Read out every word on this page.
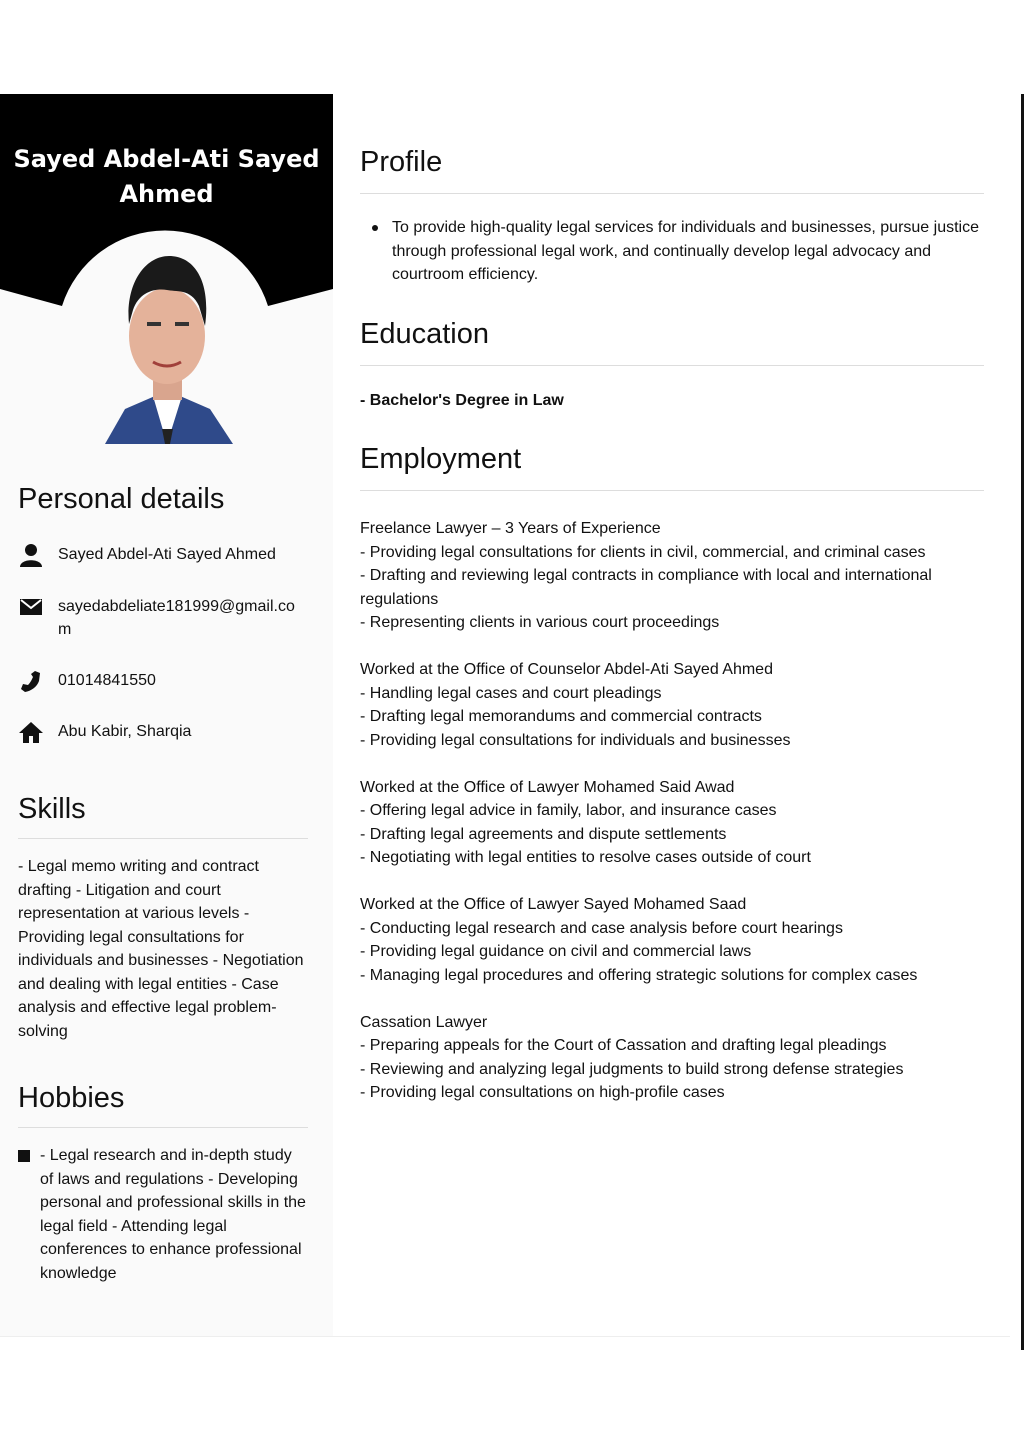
Sayed Abdel-Ati Sayed Ahmed
Personal details
Sayed Abdel-Ati Sayed Ahmed
sayedabdeliate181999@gmail.com
01014841550
Abu Kabir, Sharqia
Skills
- Legal memo writing and contract drafting - Litigation and court representation at various levels - Providing legal consultations for individuals and businesses - Negotiation and dealing with legal entities - Case analysis and effective legal problem-solving
Hobbies
- Legal research and in-depth study of laws and regulations - Developing personal and professional skills in the legal field - Attending legal conferences to enhance professional knowledge
Profile
To provide high-quality legal services for individuals and businesses, pursue justice through professional legal work, and continually develop legal advocacy and courtroom efficiency.
Education
- Bachelor's Degree in Law
Employment
Freelance Lawyer – 3 Years of Experience
- Providing legal consultations for clients in civil, commercial, and criminal cases
- Drafting and reviewing legal contracts in compliance with local and international regulations
- Representing clients in various court proceedings
Worked at the Office of Counselor Abdel-Ati Sayed Ahmed
- Handling legal cases and court pleadings
- Drafting legal memorandums and commercial contracts
- Providing legal consultations for individuals and businesses
Worked at the Office of Lawyer Mohamed Said Awad
- Offering legal advice in family, labor, and insurance cases
- Drafting legal agreements and dispute settlements
- Negotiating with legal entities to resolve cases outside of court
Worked at the Office of Lawyer Sayed Mohamed Saad
- Conducting legal research and case analysis before court hearings
- Providing legal guidance on civil and commercial laws
- Managing legal procedures and offering strategic solutions for complex cases
Cassation Lawyer
- Preparing appeals for the Court of Cassation and drafting legal pleadings
- Reviewing and analyzing legal judgments to build strong defense strategies
- Providing legal consultations on high-profile cases
